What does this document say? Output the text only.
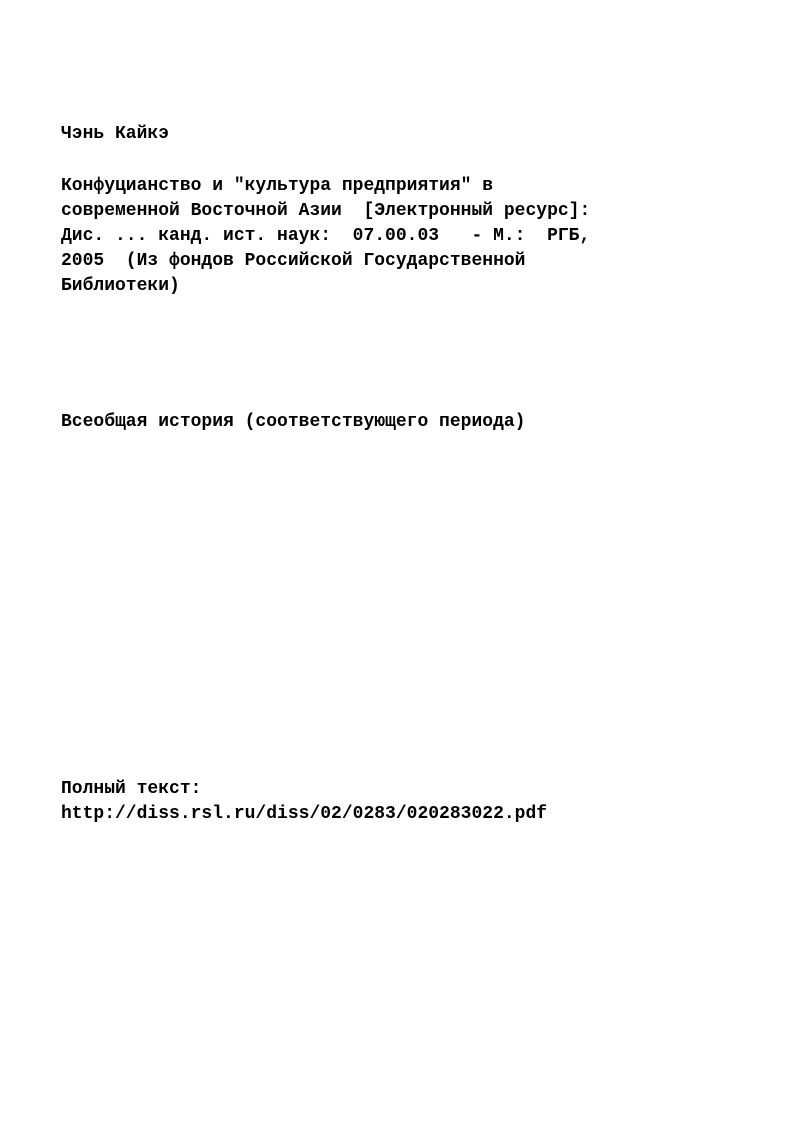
Чэнь Кайкэ

Конфуцианство и "культура предприятия" в

современной Восточной Азии  [Электронный ресурс]:

Дис. ... канд. ист. наук:  07.00.03   - М.:  РГБ,

2005  (Из фондов Российской Государственной

Библиотеки)

Всеобщая история (соответствующего периода)

Полный текст:

http://diss.rsl.ru/diss/02/0283/020283022.pdf
